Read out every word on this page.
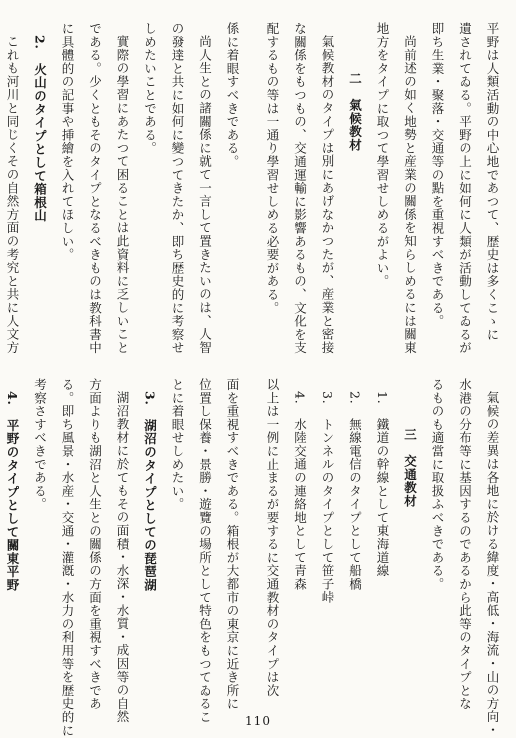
平野は人類活動の中心地であつて、歴史は多くこゝに
遺されてゐる。平野の上に如何に人類が活動してゐるが
即ち生業・聚落・交通等の點を重視すべきである。
尚前述の如く地勢と産業の關係を知らしめるには關東
地方をタイプに取つて學習せしめるがよい。
二　氣候教材
氣候教材のタイプは別にあげなかつたが、産業と密接
な關係をもつもの、交通運輸に影響あるもの、文化を支
配するもの等は一通り學習せしめる必要がある。
氣候の差異は各地に於ける緯度・高低・海流・山の方向・
水港の分布等に基因するのであるから此等のタイプとな
るものも適當に取扱ふべきである。
三　交通教材
1.　鐵道の幹線として東海道線
2.　無線電信のタイプとして船橋
3.　トンネルのタイプとして笹子峠
4.　水陸交通の連絡地として青森
以上は一例に止まるが要するに交通教材のタイプは次
係に着眼すべきである。
尚人生との諸關係に就て一言して置きたいのは、人智
の發達と共に如何に變つてきたか、即ち歴史的に考察せ
しめたいことである。
實際の學習にあたつて困ることは此資料に乏しいこと
である。少くともそのタイプとなるべきものは教科書中
に具體的の記事や挿繪を入れてほしい。
2.　火山のタイプとして箱根山
これも河川と同じくその自然方面の考究と共に人文方
面を重視すべきである。箱根が大都市の東京に近き所に
位置し保養・景勝・遊覽の場所として特色をもつてゐるこ
とに着眼せしめたい。
3.　湖沼のタイプとしての琵琶湖
湖沼教材に於てもその面積・水深・水質・成因等の自然
方面よりも湖沼と人生との關係の方面を重視すべきであ
る。即ち風景・水産・交通・灌漑・水力の利用等を歴史的に
考察さすべきである。
4.　平野のタイプとして關東平野
110
